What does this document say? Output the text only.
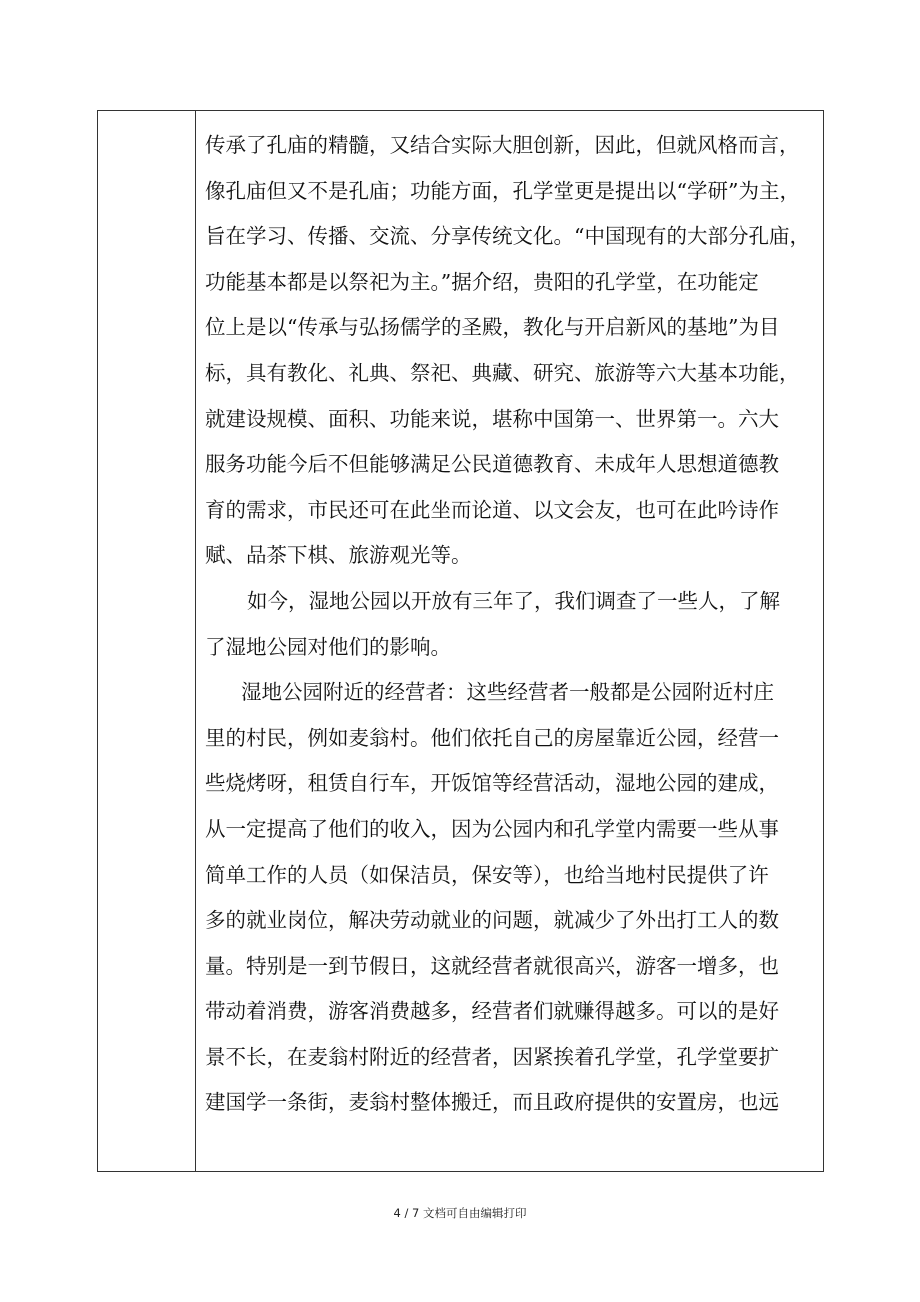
传承了孔庙的精髓，又结合实际大胆创新，因此，但就风格而言，
像孔庙但又不是孔庙；功能方面，孔学堂更是提出以“学研”为主，
旨在学习、传播、交流、分享传统文化。“中国现有的大部分孔庙，
功能基本都是以祭祀为主。”据介绍，贵阳的孔学堂，在功能定
位上是以“传承与弘扬儒学的圣殿，教化与开启新风的基地”为目
标，具有教化、礼典、祭祀、典藏、研究、旅游等六大基本功能，
就建设规模、面积、功能来说，堪称中国第一、世界第一。六大
服务功能今后不但能够满足公民道德教育、未成年人思想道德教
育的需求，市民还可在此坐而论道、以文会友，也可在此吟诗作
赋、品茶下棋、旅游观光等。
如今，湿地公园以开放有三年了，我们调查了一些人，了解
了湿地公园对他们的影响。
湿地公园附近的经营者：这些经营者一般都是公园附近村庄
里的村民，例如麦翁村。他们依托自己的房屋靠近公园，经营一
些烧烤呀，租赁自行车，开饭馆等经营活动，湿地公园的建成，
从一定提高了他们的收入，因为公园内和孔学堂内需要一些从事
简单工作的人员（如保洁员，保安等），也给当地村民提供了许
多的就业岗位，解决劳动就业的问题，就减少了外出打工人的数
量。特别是一到节假日，这就经营者就很高兴，游客一增多，也
带动着消费，游客消费越多，经营者们就赚得越多。可以的是好
景不长，在麦翁村附近的经营者，因紧挨着孔学堂，孔学堂要扩
建国学一条街，麦翁村整体搬迁，而且政府提供的安置房，也远
4 / 7 文档可自由编辑打印
